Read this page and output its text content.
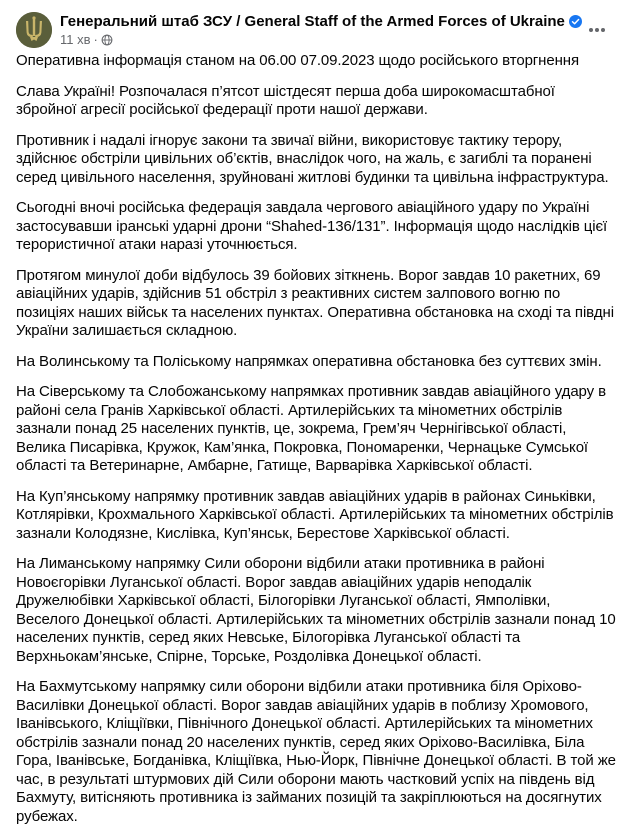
Генеральний штаб ЗСУ / General Staff of the Armed Forces of Ukraine
11 хв ·

Оперативна інформація станом на 06.00 07.09.2023 щодо російського вторгнення

Слава Україні! Розпочалася п’ятсот шістдесят перша доба широкомасштабної збройної агресії російської федерації проти нашої держави.

Противник і надалі ігнорує закони та звичаї війни, використовує тактику терору, здійснює обстріли цивільних об’єктів, внаслідок чого, на жаль, є загиблі та поранені серед цивільного населення, зруйновані житлові будинки та цивільна інфраструктура.

Сьогодні вночі російська федерація завдала чергового авіаційного удару по Україні застосувавши іранські ударні дрони “Shahed-136/131”. Інформація щодо наслідків цієї терористичної атаки наразі уточнюється.

Протягом минулої доби відбулось 39 бойових зіткнень. Ворог завдав 10 ракетних, 69 авіаційних ударів, здійснив 51 обстріл з реактивних систем залпового вогню по позиціях наших військ та населених пунктах. Оперативна обстановка на сході та півдні України залишається складною.

На Волинському та Поліському напрямках оперативна обстановка без суттєвих змін.

На Сіверському та Слобожанському напрямках противник завдав авіаційного удару в районі села Гранів Харківської області. Артилерійських та мінометних обстрілів зазнали понад 25 населених пунктів, це, зокрема, Грем’яч Чернігівської області, Велика Писарівка, Кружок, Кам’янка, Покровка, Пономаренки, Чернацьке Сумської області та Ветеринарне, Амбарне, Гатище, Варварівка Харківської області.

На Куп’янському напрямку противник завдав авіаційних ударів в районах Синьківки, Котлярівки, Крохмального Харківської області. Артилерійських та мінометних обстрілів зазнали Колодязне, Кислівка, Куп’янськ, Берестове Харківської області.

На Лиманському напрямку Сили оборони відбили атаки противника в районі Новоєгорівки Луганської області. Ворог завдав авіаційних ударів неподалік Дружелюбівки Харківської області, Білогорівки Луганської області, Ямполівки, Веселого Донецької області. Артилерійських та мінометних обстрілів зазнали понад 10 населених пунктів, серед яких Невське, Білогорівка Луганської області та Верхньокам’янське, Спірне, Торське, Роздолівка Донецької області.

На Бахмутському напрямку сили оборони відбили атаки противника біля Оріхово-Василівки Донецької області. Ворог завдав авіаційних ударів в поблизу Хромового, Іванівського, Кліщіївки, Північного Донецької області. Артилерійських та мінометних обстрілів зазнали понад 20 населених пунктів, серед яких Оріхово-Василівка, Біла Гора, Іванівське, Богданівка, Кліщіївка, Нью-Йорк, Північне Донецької області. В той же час, в результаті штурмових дій Сили оборони мають частковий успіх на південь від Бахмуту, витісняють противника із займаних позицій та закріплюються на досягнутих рубежах.
